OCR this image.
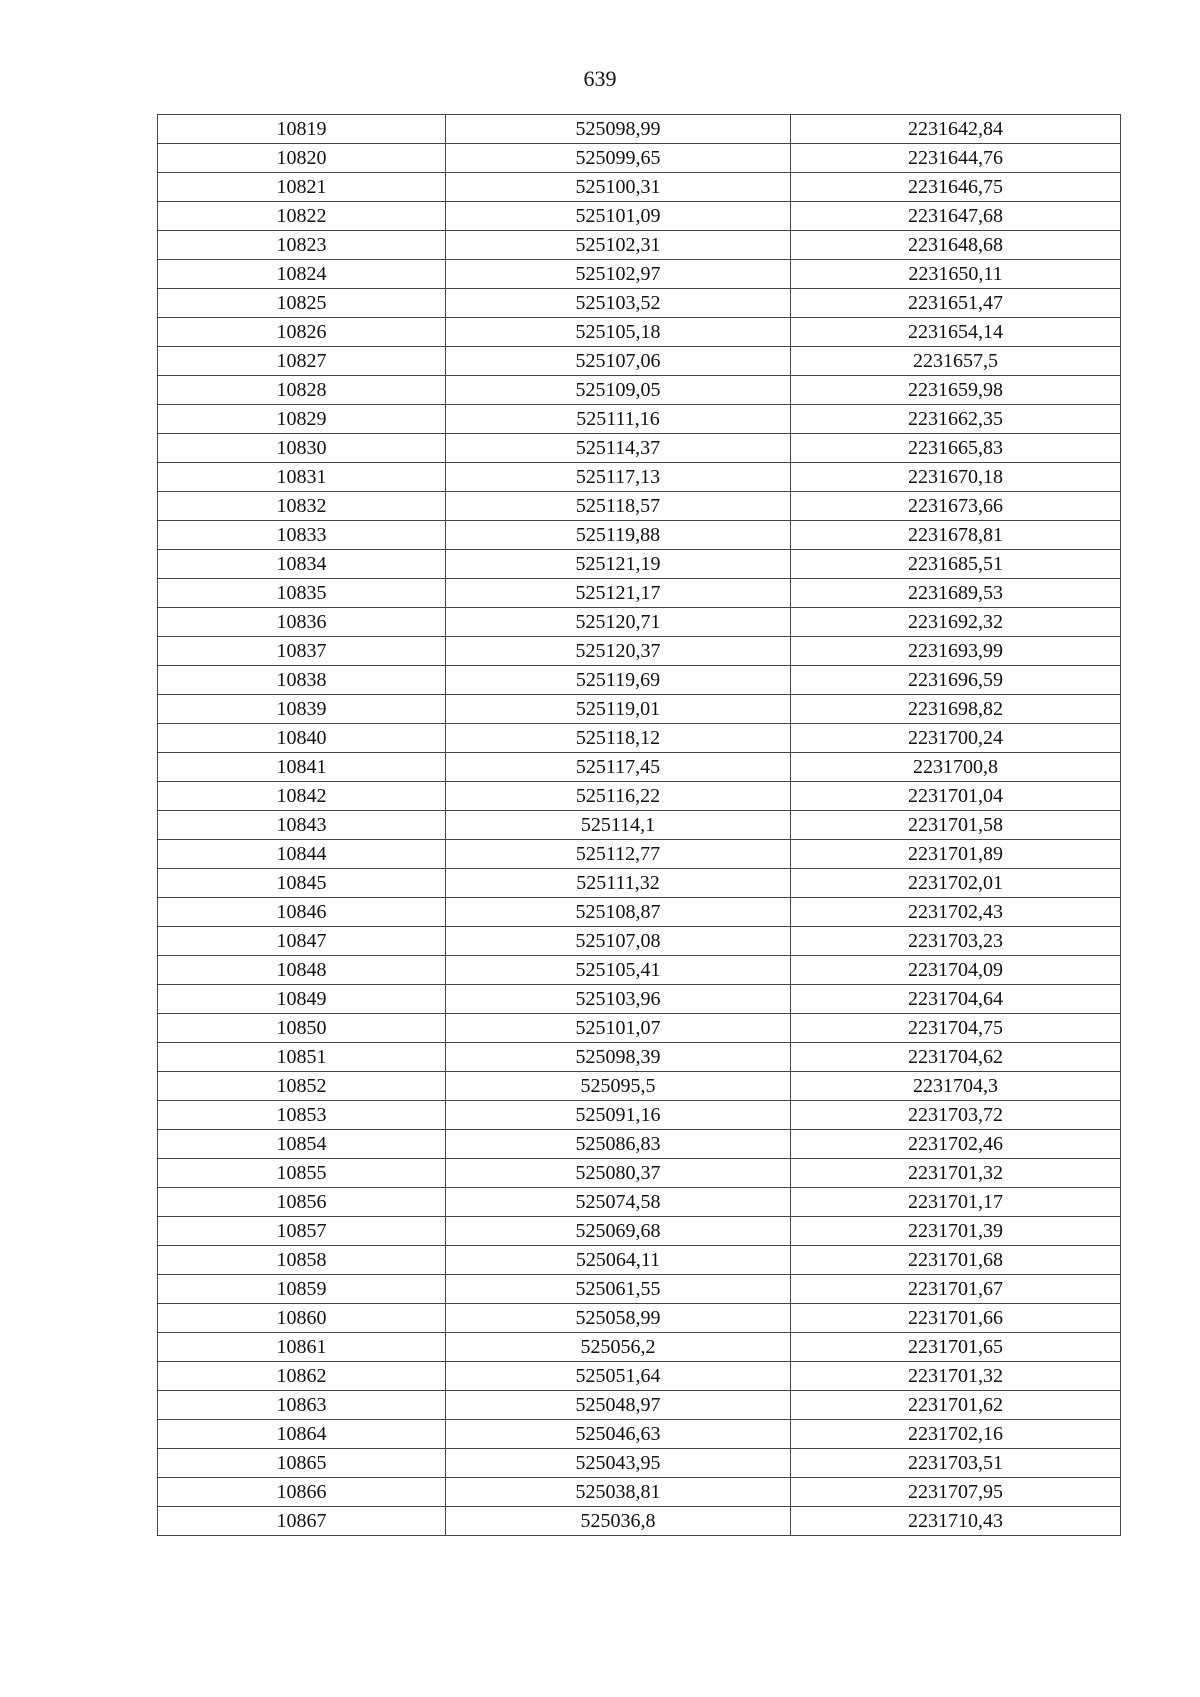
639
10819	525098,99	2231642,84
10820	525099,65	2231644,76
10821	525100,31	2231646,75
10822	525101,09	2231647,68
10823	525102,31	2231648,68
10824	525102,97	2231650,11
10825	525103,52	2231651,47
10826	525105,18	2231654,14
10827	525107,06	2231657,5
10828	525109,05	2231659,98
10829	525111,16	2231662,35
10830	525114,37	2231665,83
10831	525117,13	2231670,18
10832	525118,57	2231673,66
10833	525119,88	2231678,81
10834	525121,19	2231685,51
10835	525121,17	2231689,53
10836	525120,71	2231692,32
10837	525120,37	2231693,99
10838	525119,69	2231696,59
10839	525119,01	2231698,82
10840	525118,12	2231700,24
10841	525117,45	2231700,8
10842	525116,22	2231701,04
10843	525114,1	2231701,58
10844	525112,77	2231701,89
10845	525111,32	2231702,01
10846	525108,87	2231702,43
10847	525107,08	2231703,23
10848	525105,41	2231704,09
10849	525103,96	2231704,64
10850	525101,07	2231704,75
10851	525098,39	2231704,62
10852	525095,5	2231704,3
10853	525091,16	2231703,72
10854	525086,83	2231702,46
10855	525080,37	2231701,32
10856	525074,58	2231701,17
10857	525069,68	2231701,39
10858	525064,11	2231701,68
10859	525061,55	2231701,67
10860	525058,99	2231701,66
10861	525056,2	2231701,65
10862	525051,64	2231701,32
10863	525048,97	2231701,62
10864	525046,63	2231702,16
10865	525043,95	2231703,51
10866	525038,81	2231707,95
10867	525036,8	2231710,43
